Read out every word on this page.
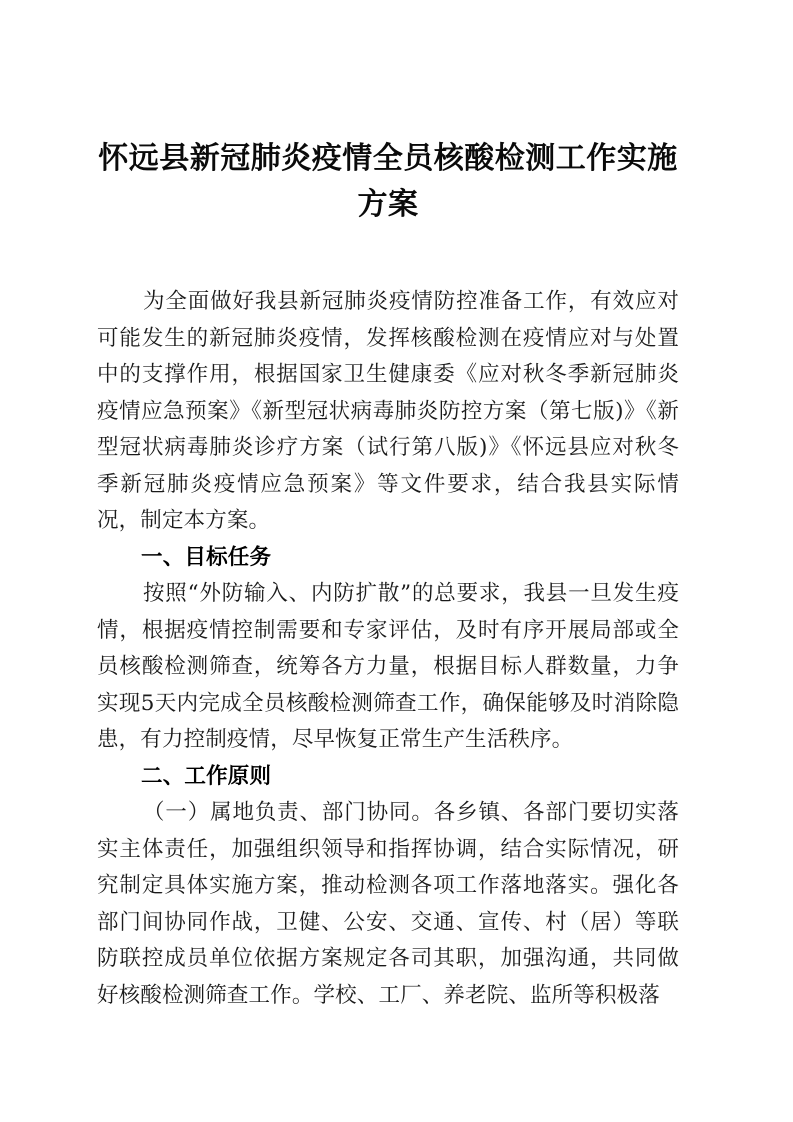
怀远县新冠肺炎疫情全员核酸检测工作实施方案

为全面做好我县新冠肺炎疫情防控准备工作，有效应对可能发生的新冠肺炎疫情，发挥核酸检测在疫情应对与处置中的支撑作用，根据国家卫生健康委《应对秋冬季新冠肺炎疫情应急预案》《新型冠状病毒肺炎防控方案（第七版)》《新型冠状病毒肺炎诊疗方案（试行第八版)》《怀远县应对秋冬季新冠肺炎疫情应急预案》等文件要求，结合我县实际情况，制定本方案。

一、目标任务

按照“外防输入、内防扩散”的总要求，我县一旦发生疫情，根据疫情控制需要和专家评估，及时有序开展局部或全员核酸检测筛查，统筹各方力量，根据目标人群数量，力争实现5天内完成全员核酸检测筛查工作，确保能够及时消除隐患，有力控制疫情，尽早恢复正常生产生活秩序。

二、工作原则

（一）属地负责、部门协同。各乡镇、各部门要切实落实主体责任，加强组织领导和指挥协调，结合实际情况，研究制定具体实施方案，推动检测各项工作落地落实。强化各部门间协同作战，卫健、公安、交通、宣传、村（居）等联防联控成员单位依据方案规定各司其职，加强沟通，共同做好核酸检测筛查工作。学校、工厂、养老院、监所等积极落
